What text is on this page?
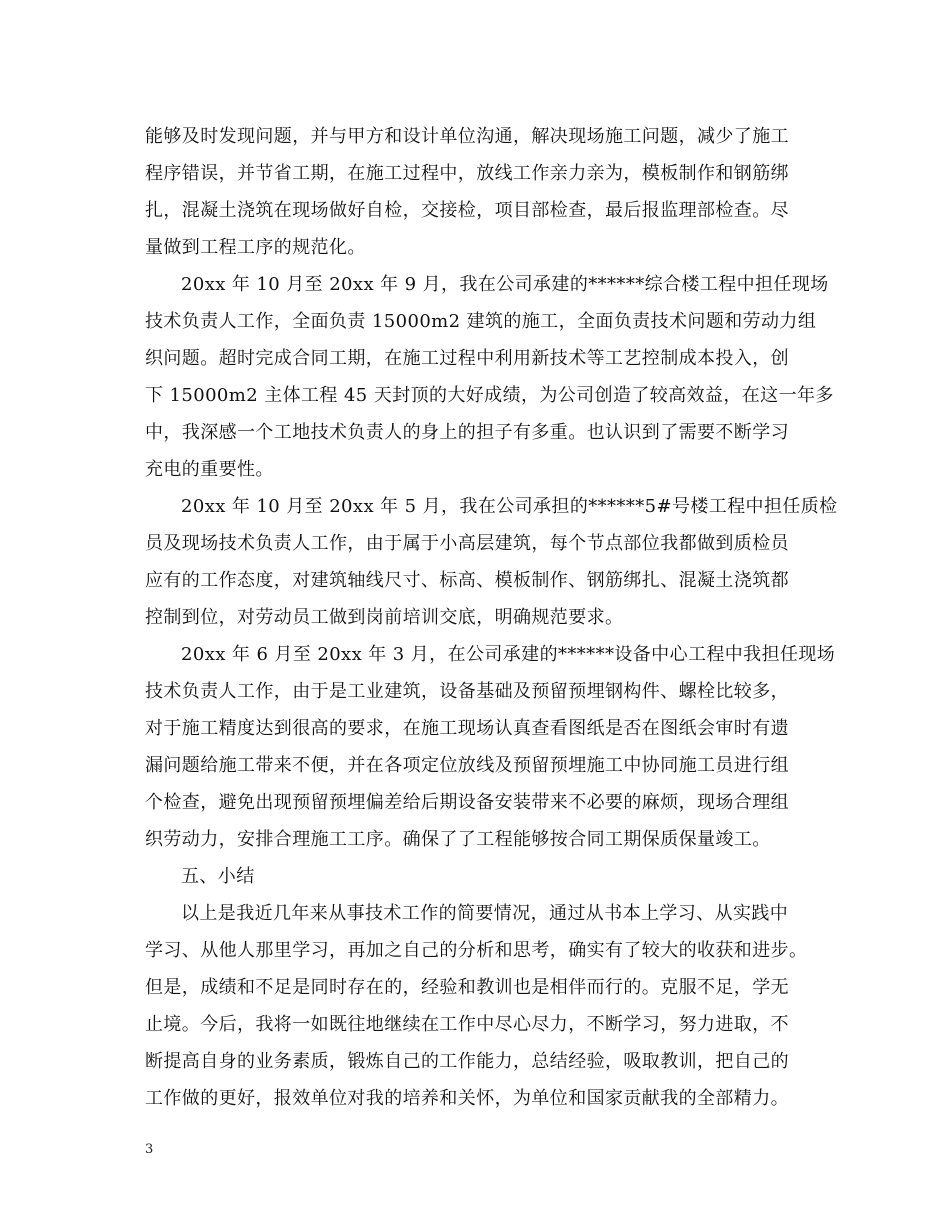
能够及时发现问题，并与甲方和设计单位沟通，解决现场施工问题，减少了施工
程序错误，并节省工期，在施工过程中，放线工作亲力亲为，模板制作和钢筋绑
扎，混凝土浇筑在现场做好自检，交接检，项目部检查，最后报监理部检查。尽
量做到工程工序的规范化。
20xx 年 10 月至 20xx 年 9 月，我在公司承建的******综合楼工程中担任现场
技术负责人工作，全面负责 15000m2 建筑的施工，全面负责技术问题和劳动力组
织问题。超时完成合同工期，在施工过程中利用新技术等工艺控制成本投入，创
下 15000m2 主体工程 45 天封顶的大好成绩，为公司创造了较高效益，在这一年多
中，我深感一个工地技术负责人的身上的担子有多重。也认识到了需要不断学习
充电的重要性。
20xx 年 10 月至 20xx 年 5 月，我在公司承担的******5#号楼工程中担任质检
员及现场技术负责人工作，由于属于小高层建筑，每个节点部位我都做到质检员
应有的工作态度，对建筑轴线尺寸、标高、模板制作、钢筋绑扎、混凝土浇筑都
控制到位，对劳动员工做到岗前培训交底，明确规范要求。
20xx 年 6 月至 20xx 年 3 月，在公司承建的******设备中心工程中我担任现场
技术负责人工作，由于是工业建筑，设备基础及预留预埋钢构件、螺栓比较多，
对于施工精度达到很高的要求，在施工现场认真查看图纸是否在图纸会审时有遗
漏问题给施工带来不便，并在各项定位放线及预留预埋施工中协同施工员进行组
个检查，避免出现预留预埋偏差给后期设备安装带来不必要的麻烦，现场合理组
织劳动力，安排合理施工工序。确保了了工程能够按合同工期保质保量竣工。
五、小结
以上是我近几年来从事技术工作的简要情况，通过从书本上学习、从实践中
学习、从他人那里学习，再加之自己的分析和思考，确实有了较大的收获和进步。
但是，成绩和不足是同时存在的，经验和教训也是相伴而行的。克服不足，学无
止境。今后，我将一如既往地继续在工作中尽心尽力，不断学习，努力进取，不
断提高自身的业务素质，锻炼自己的工作能力，总结经验，吸取教训，把自己的
工作做的更好，报效单位对我的培养和关怀，为单位和国家贡献我的全部精力。
3
